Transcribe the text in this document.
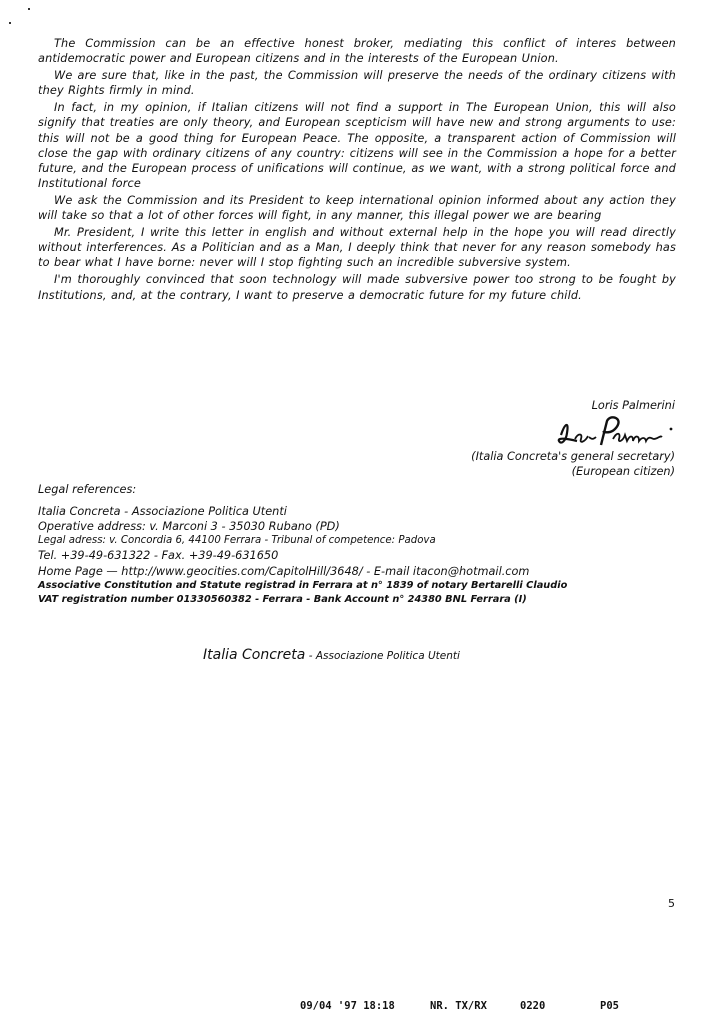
The Commission can be an effective honest broker, mediating this conflict of interes between antidemocratic power and European citizens and in the interests of the European Union.

We are sure that, like in the past, the Commission will preserve the needs of the ordinary citizens with they Rights firmly in mind.

In fact, in my opinion, if Italian citizens will not find a support in The European Union, this will also signify that treaties are only theory, and European scepticism will have new and strong arguments to use: this will not be a good thing for European Peace. The opposite, a transparent action of Commission will close the gap with ordinary citizens of any country: citizens will see in the Commission a hope for a better future, and the European process of unifications will continue, as we want, with a strong political force and Institutional force

We ask the Commission and its President to keep international opinion informed about any action they will take so that a lot of other forces will fight, in any manner, this illegal power we are bearing

Mr. President, I write this letter in english and without external help in the hope you will read directly without interferences. As a Politician and as a Man, I deeply think that never for any reason somebody has to bear what I have borne: never will I stop fighting such an incredible subversive system.

I'm thoroughly convinced that soon technology will made subversive power too strong to be fought by Institutions, and, at the contrary, I want to preserve a democratic future for my future child.

Loris Palmerini
(Italia Concreta's general secretary)
(European citizen)
Legal references:
Italia Concreta - Associazione Politica Utenti
Operative address: v. Marconi 3 - 35030 Rubano (PD)
Legal adress: v. Concordia 6, 44100 Ferrara - Tribunal of competence: Padova
Tel. +39-49-631322 - Fax. +39-49-631650
Home Page — http://www.geocities.com/CapitolHill/3648/ - E-mail itacon@hotmail.com
Associative Constitution and Statute registrad in Ferrara at n° 1839 of notary Bertarelli Claudio
VAT registration number 01330560382 - Ferrara - Bank Account n° 24380 BNL Ferrara (I)
Italia Concreta - Associazione Politica Utenti
5
09/04 '97 18:18	NR. TX/RX	0220	P05
